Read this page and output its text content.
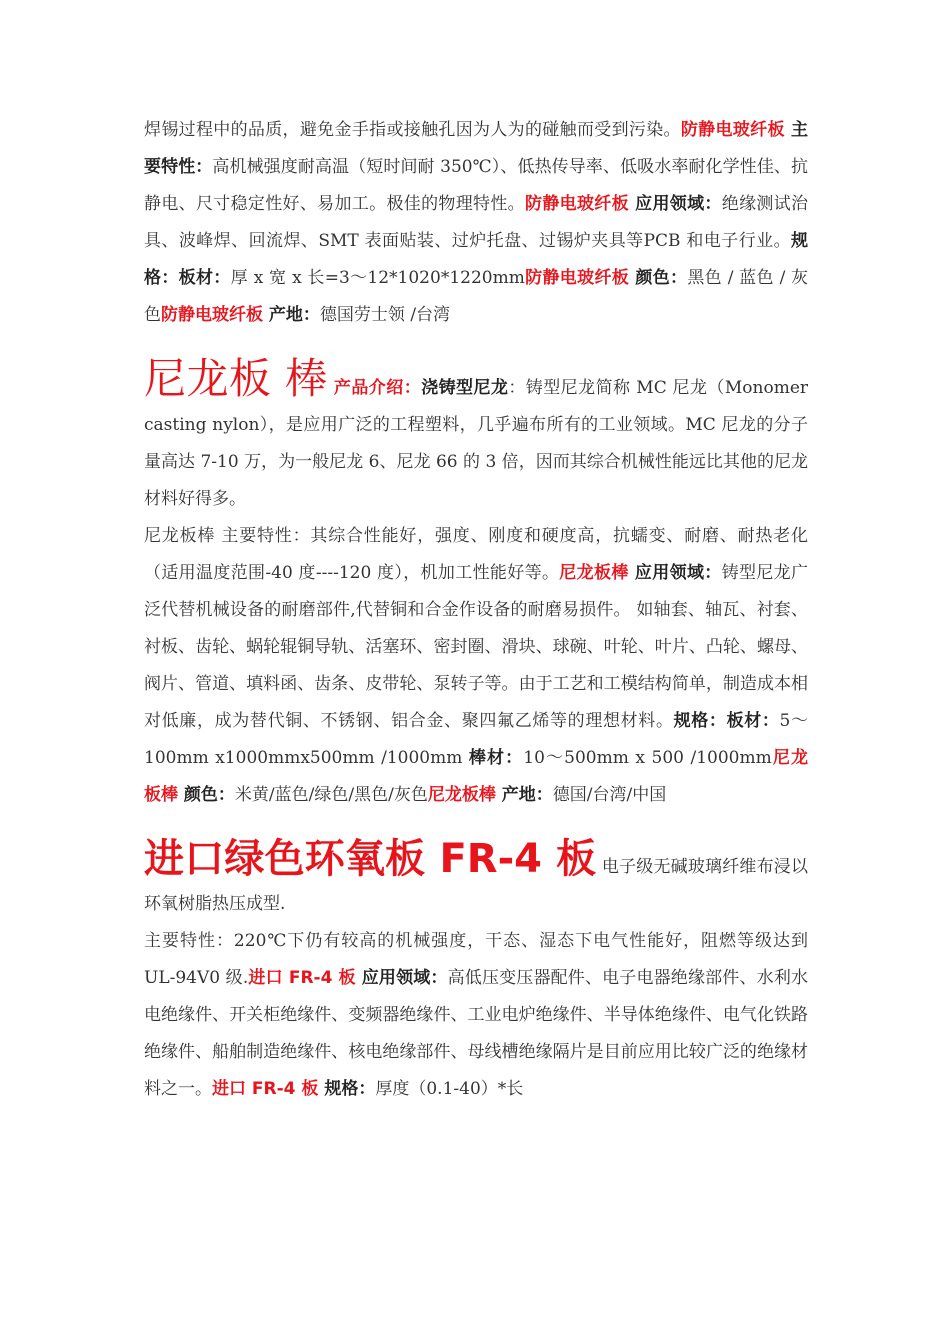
焊锡过程中的品质，避免金手指或接触孔因为人为的碰触而受到污染。防静电玻纤板 主要特性：高机械强度耐高温（短时间耐 350℃）、低热传导率、低吸水率耐化学性佳、抗静电、尺寸稳定性好、易加工。极佳的物理特性。防静电玻纤板 应用领域：绝缘测试治具、波峰焊、回流焊、SMT 表面贴装、过炉托盘、过锡炉夹具等PCB 和电子行业。规格：板材：厚 x 宽 x 长=3～12*1020*1220mm防静电玻纤板 颜色：黑色 / 蓝色 / 灰色防静电玻纤板 产地：德国劳士领 /台湾

尼龙板 棒 产品介绍：浇铸型尼龙：铸型尼龙简称 MC 尼龙（Monomer casting nylon），是应用广泛的工程塑料，几乎遍布所有的工业领域。MC 尼龙的分子量高达 7-10 万，为一般尼龙 6、尼龙 66 的 3 倍，因而其综合机械性能远比其他的尼龙材料好得多。

尼龙板棒 主要特性：其综合性能好，强度、刚度和硬度高，抗蠕变、耐磨、耐热老化（适用温度范围-40 度----120 度），机加工性能好等。尼龙板棒 应用领域：铸型尼龙广泛代替机械设备的耐磨部件,代替铜和合金作设备的耐磨易损件。 如轴套、轴瓦、衬套、衬板、齿轮、蜗轮辊铜导轨、活塞环、密封圈、滑块、球碗、叶轮、叶片、凸轮、螺母、阀片、管道、填料函、齿条、皮带轮、泵转子等。由于工艺和工模结构简单，制造成本相对低廉，成为替代铜、不锈钢、铝合金、聚四氟乙烯等的理想材料。规格：板材：5～100mm x1000mmx500mm /1000mm 棒材：10～500mm x 500 /1000mm尼龙板棒 颜色：米黄/蓝色/绿色/黑色/灰色尼龙板棒 产地：德国/台湾/中国

进口绿色环氧板 FR-4 板 电子级无碱玻璃纤维布浸以环氧树脂热压成型.

主要特性：220℃下仍有较高的机械强度，干态、湿态下电气性能好，阻燃等级达到 UL-94V0 级.进口 FR-4 板 应用领域：高低压变压器配件、电子电器绝缘部件、水利水电绝缘件、开关柜绝缘件、变频器绝缘件、工业电炉绝缘件、半导体绝缘件、电气化铁路绝缘件、船舶制造绝缘件、核电绝缘部件、母线槽绝缘隔片是目前应用比较广泛的绝缘材料之一。进口 FR-4 板 规格：厚度（0.1-40）*长
